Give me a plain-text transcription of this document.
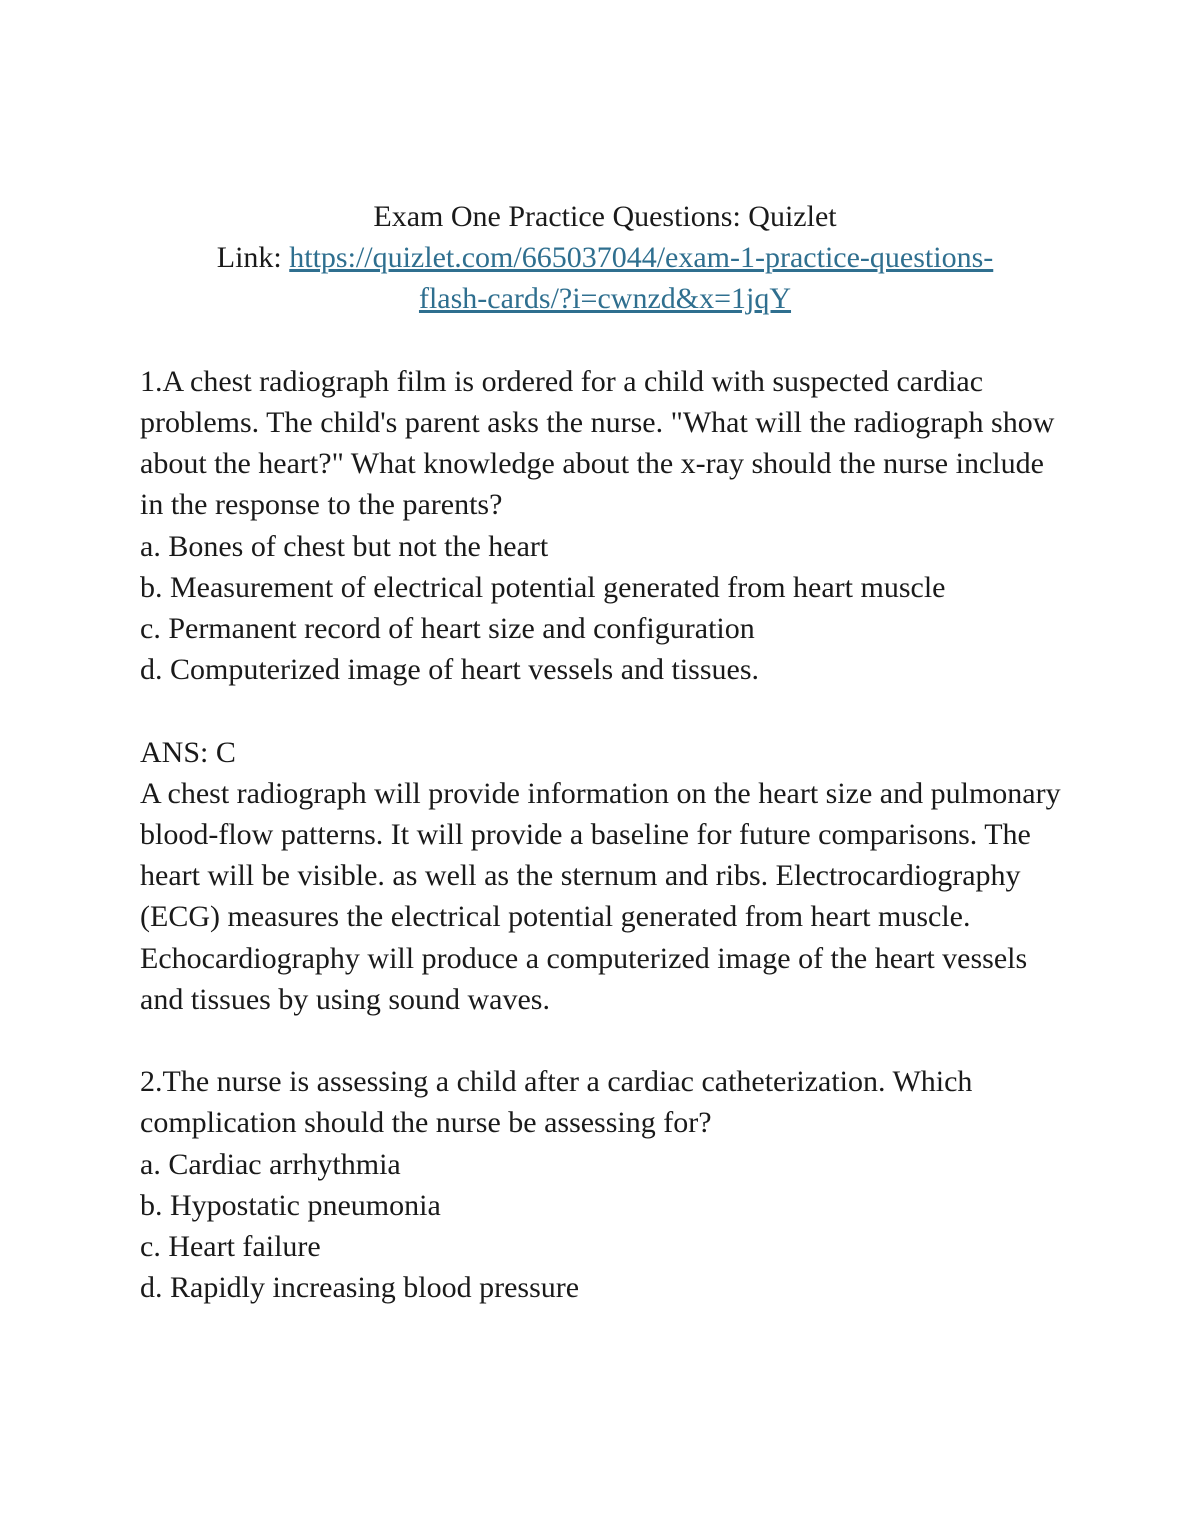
Exam One Practice Questions: Quizlet

Link: https://quizlet.com/665037044/exam-1-practice-questions-
flash-cards/?i=cwnzd&x=1jqY

1.A chest radiograph film is ordered for a child with suspected cardiac problems. The child's parent asks the nurse. "What will the radiograph show about the heart?" What knowledge about the x-ray should the nurse include in the response to the parents?

a. Bones of chest but not the heart

b. Measurement of electrical potential generated from heart muscle

c. Permanent record of heart size and configuration

d. Computerized image of heart vessels and tissues.

ANS: C

A chest radiograph will provide information on the heart size and pulmonary blood-flow patterns. It will provide a baseline for future comparisons. The heart will be visible. as well as the sternum and ribs. Electrocardiography (ECG) measures the electrical potential generated from heart muscle. Echocardiography will produce a computerized image of the heart vessels and tissues by using sound waves.

2.The nurse is assessing a child after a cardiac catheterization. Which complication should the nurse be assessing for?

a. Cardiac arrhythmia

b. Hypostatic pneumonia

c. Heart failure

d. Rapidly increasing blood pressure
